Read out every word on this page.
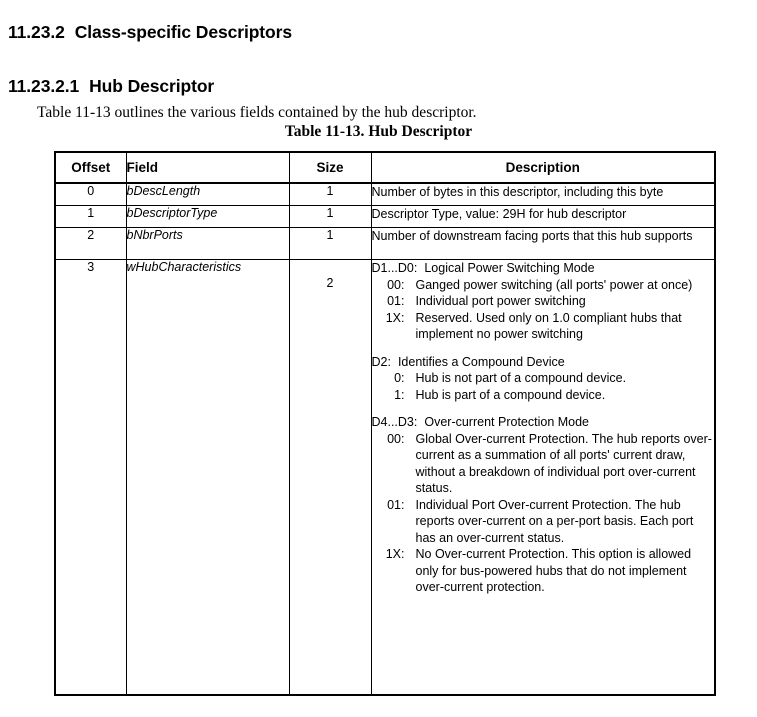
11.23.2 Class-specific Descriptors
11.23.2.1 Hub Descriptor

Table 11-13 outlines the various fields contained by the hub descriptor.

Table 11-13. Hub Descriptor
Offset	Field	Size	Description
0	bDescLength	1	Number of bytes in this descriptor, including this byte
1	bDescriptorType	1	Descriptor Type, value: 29H for hub descriptor
2	bNbrPorts	1	Number of downstream facing ports that this hub supports
3	wHubCharacteristics	2	
D1...D0: Logical Power Switching Mode
00: Ganged power switching (all ports' power at once)
01: Individual port power switching
1X: Reserved. Used only on 1.0 compliant hubs that implement no power switching
D2: Identifies a Compound Device
0: Hub is not part of a compound device.
1: Hub is part of a compound device.
D4...D3: Over-current Protection Mode
00: Global Over-current Protection. The hub reports over-current as a summation of all ports' current draw, without a breakdown of individual port over-current status.
01: Individual Port Over-current Protection. The hub reports over-current on a per-port basis. Each port has an over-current status.
1X: No Over-current Protection. This option is allowed only for bus-powered hubs that do not implement over-current protection.
